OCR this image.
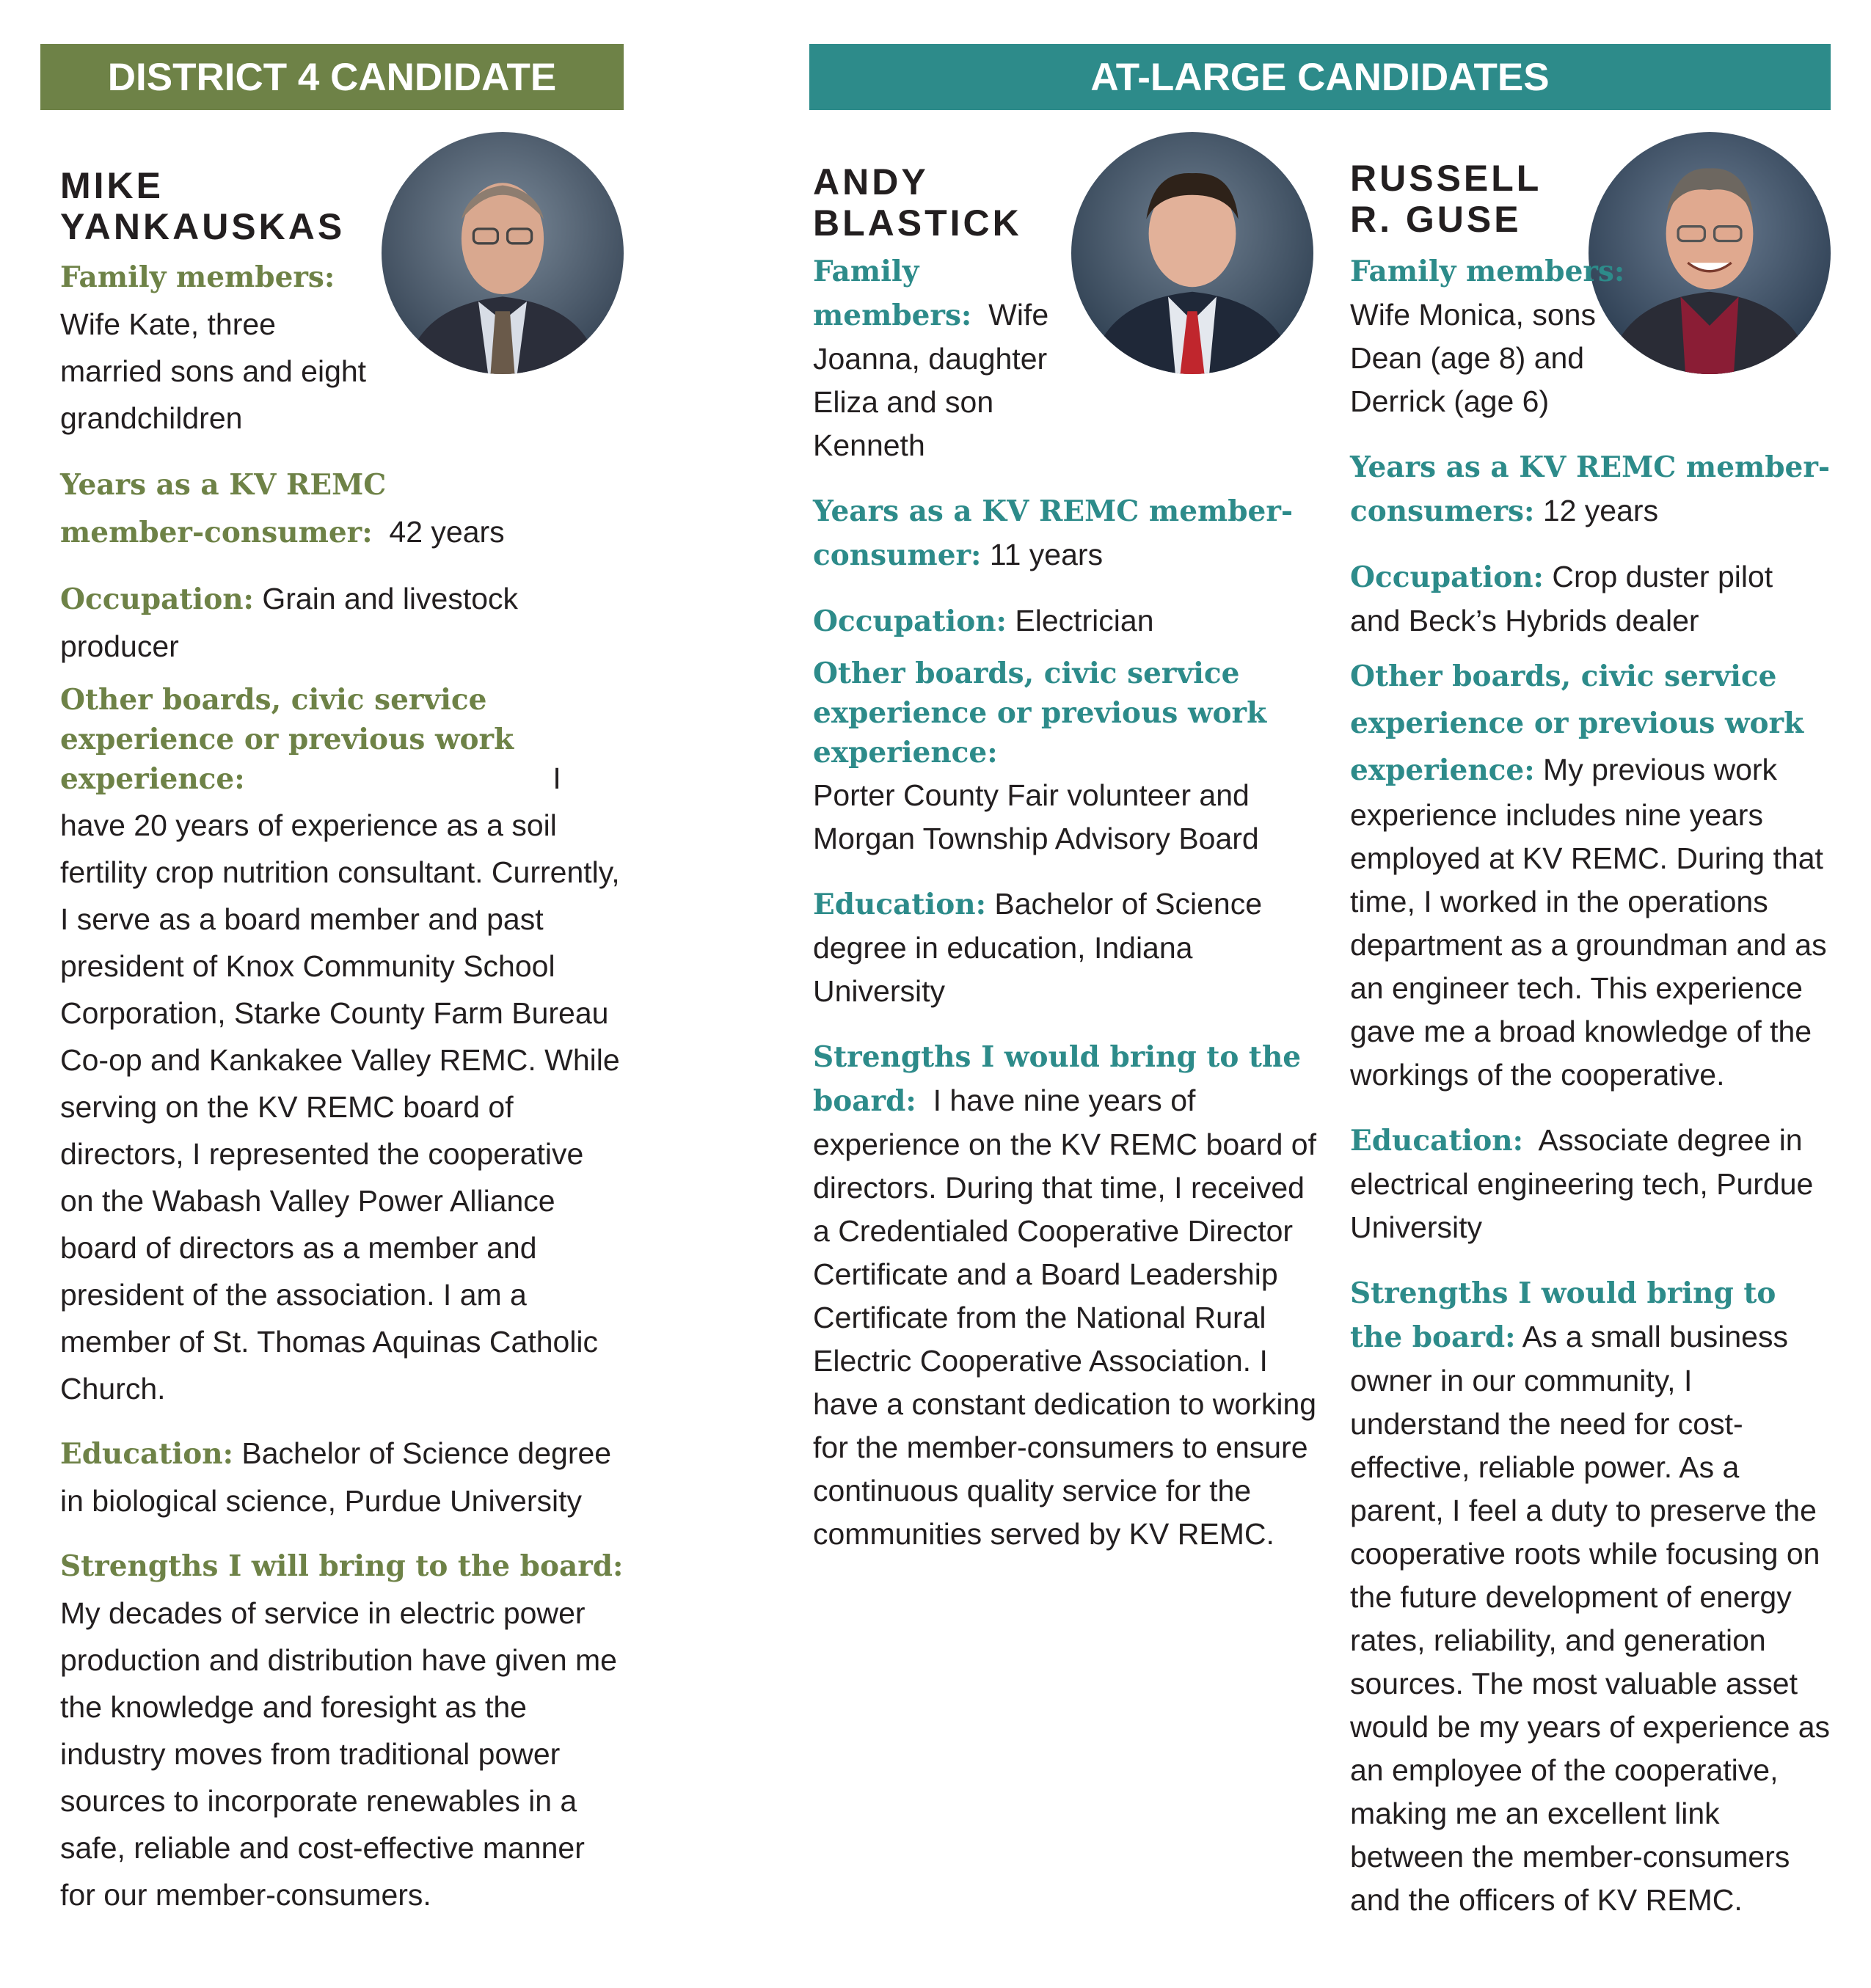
DISTRICT 4 CANDIDATE	AT-LARGE CANDIDATES
MIKE
YANKAUSKAS

Family members:
Wife Kate, three married sons and eight grandchildren

Years as a KV REMC member-consumer: 42 years

Occupation: Grain and livestock producer

Other boards, civic service experience or previous work experience:	I have 20 years of experience as a soil fertility crop nutrition consultant. Currently, I serve as a board member and past president of Knox Community School Corporation, Starke County Farm Bureau Co-op and Kankakee Valley REMC. While serving on the KV REMC board of directors, I represented the cooperative on the Wabash Valley Power Alliance board of directors as a member and president of the association. I am a member of St. Thomas Aquinas Catholic Church.

Education: Bachelor of Science degree in biological science, Purdue University

Strengths I will bring to the board:
My decades of service in electric power production and distribution have given me the knowledge and foresight as the industry moves from traditional power sources to incorporate renewables in a safe, reliable and cost-effective manner for our member-consumers.

ANDY
BLASTICK

Family members: Wife Joanna, daughter Eliza and son Kenneth

Years as a KV REMC member-consumer: 11 years

Occupation: Electrician

Other boards, civic service experience or previous work experience: Porter County Fair volunteer and Morgan Township Advisory Board

Education: Bachelor of Science degree in education, Indiana University

Strengths I would bring to the board: I have nine years of experience on the KV REMC board of directors. During that time, I received a Credentialed Cooperative Director Certificate and a Board Leadership Certificate from the National Rural Electric Cooperative Association. I have a constant dedication to working for the member-consumers to ensure continuous quality service for the communities served by KV REMC.

RUSSELL
R. GUSE

Family members: Wife Monica, sons Dean (age 8) and Derrick (age 6)

Years as a KV REMC member-consumers: 12 years

Occupation: Crop duster pilot and Beck’s Hybrids dealer

Other boards, civic service experience or previous work experience: My previous work experience includes nine years employed at KV REMC. During that time, I worked in the operations department as a groundman and as an engineer tech. This experience gave me a broad knowledge of the workings of the cooperative.

Education: Associate degree in electrical engineering tech, Purdue University

Strengths I would bring to the board: As a small business owner in our community, I understand the need for cost-effective, reliable power. As a parent, I feel a duty to preserve the cooperative roots while focusing on the future development of energy rates, reliability, and generation sources. The most valuable asset would be my years of experience as an employee of the cooperative, making me an excellent link between the member-consumers and the officers of KV REMC.
